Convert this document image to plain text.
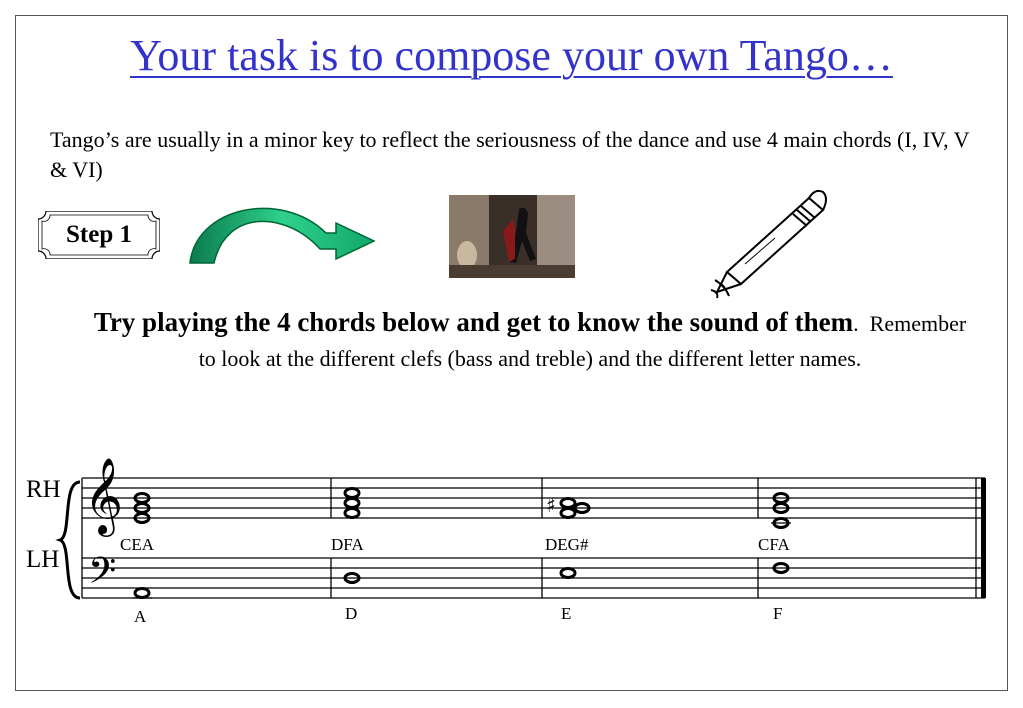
Your task is to compose your own Tango…
Tango’s are usually in a minor key to reflect the seriousness of the dance and use 4 main chords (I, IV, V & VI)
Step 1
Try playing the 4 chords below and get to know the sound of them.  Remember to look at the different clefs (bass and treble) and the different letter names.
𝄞
𝄢
♯
RH
LH
CEA	DFA	DEG#	CFA
A	D	E	F
